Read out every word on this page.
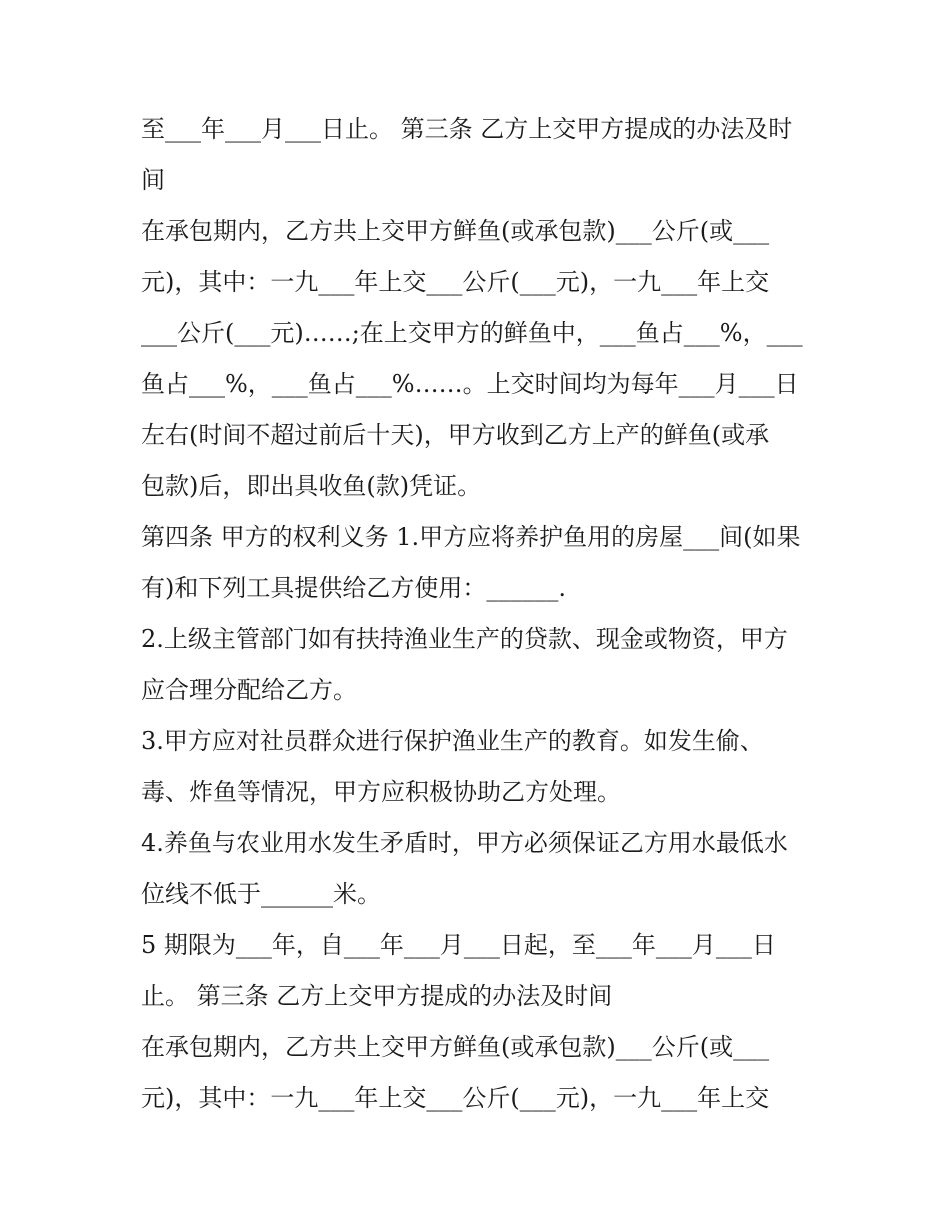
至___年___月___日止。 第三条 乙方上交甲方提成的办法及时
间
在承包期内，乙方共上交甲方鲜鱼(或承包款)___公斤(或___
元)，其中：一九___年上交___公斤(___元)，一九___年上交
___公斤(___元)……;在上交甲方的鲜鱼中，___鱼占___%，___
鱼占___%，___鱼占___%……。上交时间均为每年___月___日
左右(时间不超过前后十天)，甲方收到乙方上产的鲜鱼(或承
包款)后，即出具收鱼(款)凭证。
第四条 甲方的权利义务 1.甲方应将养护鱼用的房屋___间(如果
有)和下列工具提供给乙方使用：______.
2.上级主管部门如有扶持渔业生产的贷款、现金或物资，甲方
应合理分配给乙方。
3.甲方应对社员群众进行保护渔业生产的教育。如发生偷、
毒、炸鱼等情况，甲方应积极协助乙方处理。
4.养鱼与农业用水发生矛盾时，甲方必须保证乙方用水最低水
位线不低于______米。
5 期限为___年，自___年___月___日起，至___年___月___日
止。 第三条 乙方上交甲方提成的办法及时间
在承包期内，乙方共上交甲方鲜鱼(或承包款)___公斤(或___
元)，其中：一九___年上交___公斤(___元)，一九___年上交
